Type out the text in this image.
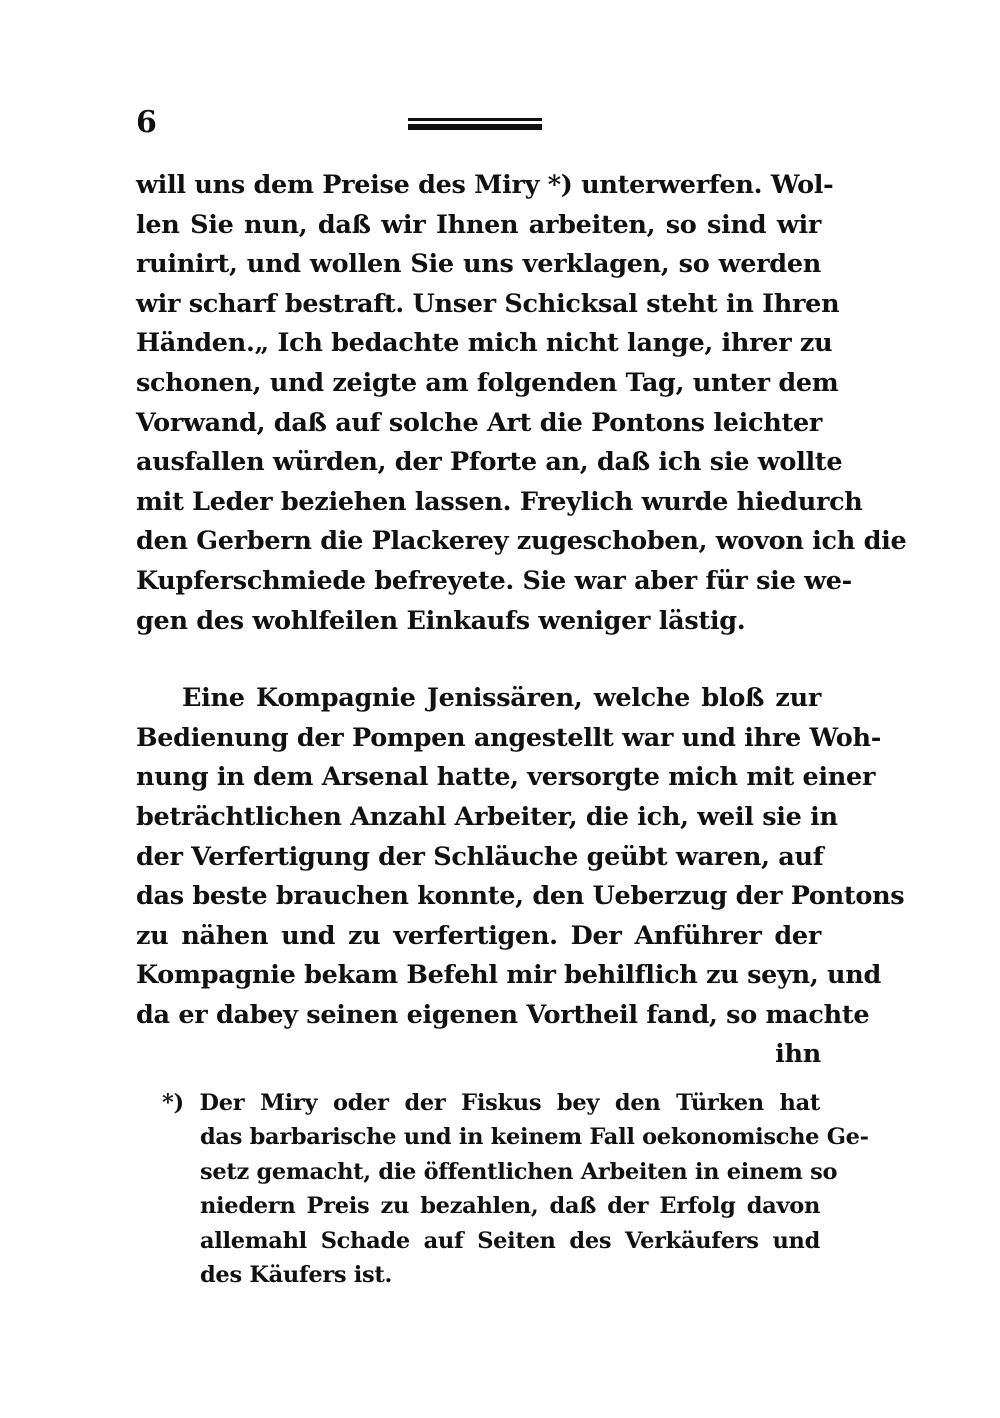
6
will uns dem Preise des Miry *) unterwerfen. Wol-
len Sie nun, daß wir Ihnen arbeiten, so sind wir
ruinirt, und wollen Sie uns verklagen, so werden
wir scharf bestraft. Unser Schicksal steht in Ihren
Händen.„ Ich bedachte mich nicht lange, ihrer zu
schonen, und zeigte am folgenden Tag, unter dem
Vorwand, daß auf solche Art die Pontons leichter
ausfallen würden, der Pforte an, daß ich sie wollte
mit Leder beziehen lassen. Freylich wurde hiedurch
den Gerbern die Plackerey zugeschoben, wovon ich die
Kupferschmiede befreyete. Sie war aber für sie we-
gen des wohlfeilen Einkaufs weniger lästig.
Eine Kompagnie Jenissären, welche bloß zur
Bedienung der Pompen angestellt war und ihre Woh-
nung in dem Arsenal hatte, versorgte mich mit einer
beträchtlichen Anzahl Arbeiter, die ich, weil sie in
der Verfertigung der Schläuche geübt waren, auf
das beste brauchen konnte, den Ueberzug der Pontons
zu nähen und zu verfertigen. Der Anführer der
Kompagnie bekam Befehl mir behilflich zu seyn, und
da er dabey seinen eigenen Vortheil fand, so machte
ihn
*) Der Miry oder der Fiskus bey den Türken hat
das barbarische und in keinem Fall oekonomische Ge-
setz gemacht, die öffentlichen Arbeiten in einem so
niedern Preis zu bezahlen, daß der Erfolg davon
allemahl Schade auf Seiten des Verkäufers und
des Käufers ist.
